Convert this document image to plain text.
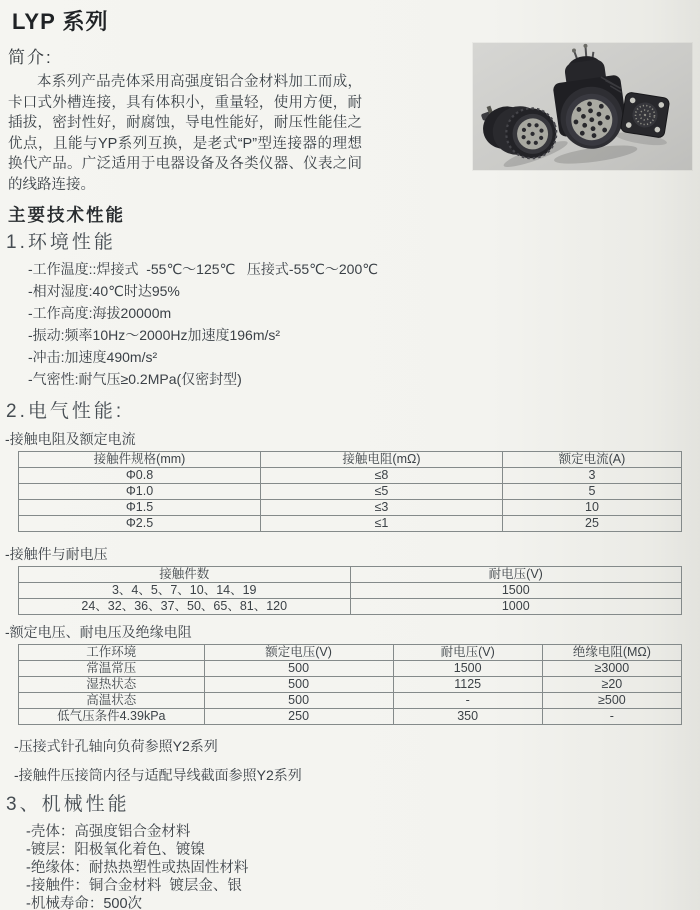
LYP 系列
简介:

本系列产品壳体采用高强度铝合金材料加工而成，卡口式外槽连接，具有体积小，重量轻，使用方便，耐插拔，密封性好，耐腐蚀，导电性能好，耐压性能佳之优点，且能与YP系列互换，是老式“P”型连接器的理想换代产品。广泛适用于电器设备及各类仪器、仪表之间的线路连接。

主要技术性能
1.环境性能
-工作温度::焊接式  -55℃～125℃   压接式-55℃～200℃
-相对湿度:40℃时达95%
-工作高度:海拔20000m
-振动:频率10Hz～2000Hz加速度196m/s²
-冲击:加速度490m/s²
-气密性:耐气压≥0.2MPa(仅密封型)
2.电气性能:
-接触电阻及额定电流
接触件规格(mm)	接触电阻(mΩ)	额定电流(A)
Φ0.8	≤8	3
Φ1.0	≤5	5
Φ1.5	≤3	10
Φ2.5	≤1	25
-接触件与耐电压
接触件数	耐电压(V)
3、4、5、7、10、14、19	1500
24、32、36、37、50、65、81、120	1000
-额定电压、耐电压及绝缘电阻
工作环境	额定电压(V)	耐电压(V)	绝缘电阻(MΩ)
常温常压	500	1500	≥3000
湿热状态	500	1125	≥20
高温状态	500	-	≥500
低气压条件4.39kPa	250	350	-
-压接式针孔轴向负荷参照Y2系列
-接触件压接筒内径与适配导线截面参照Y2系列
3、机械性能
-壳体：高强度铝合金材料
-镀层：阳极氧化着色、镀镍
-绝缘体：耐热热塑性或热固性材料
-接触件：铜合金材料  镀层金、银
-机械寿命：500次
